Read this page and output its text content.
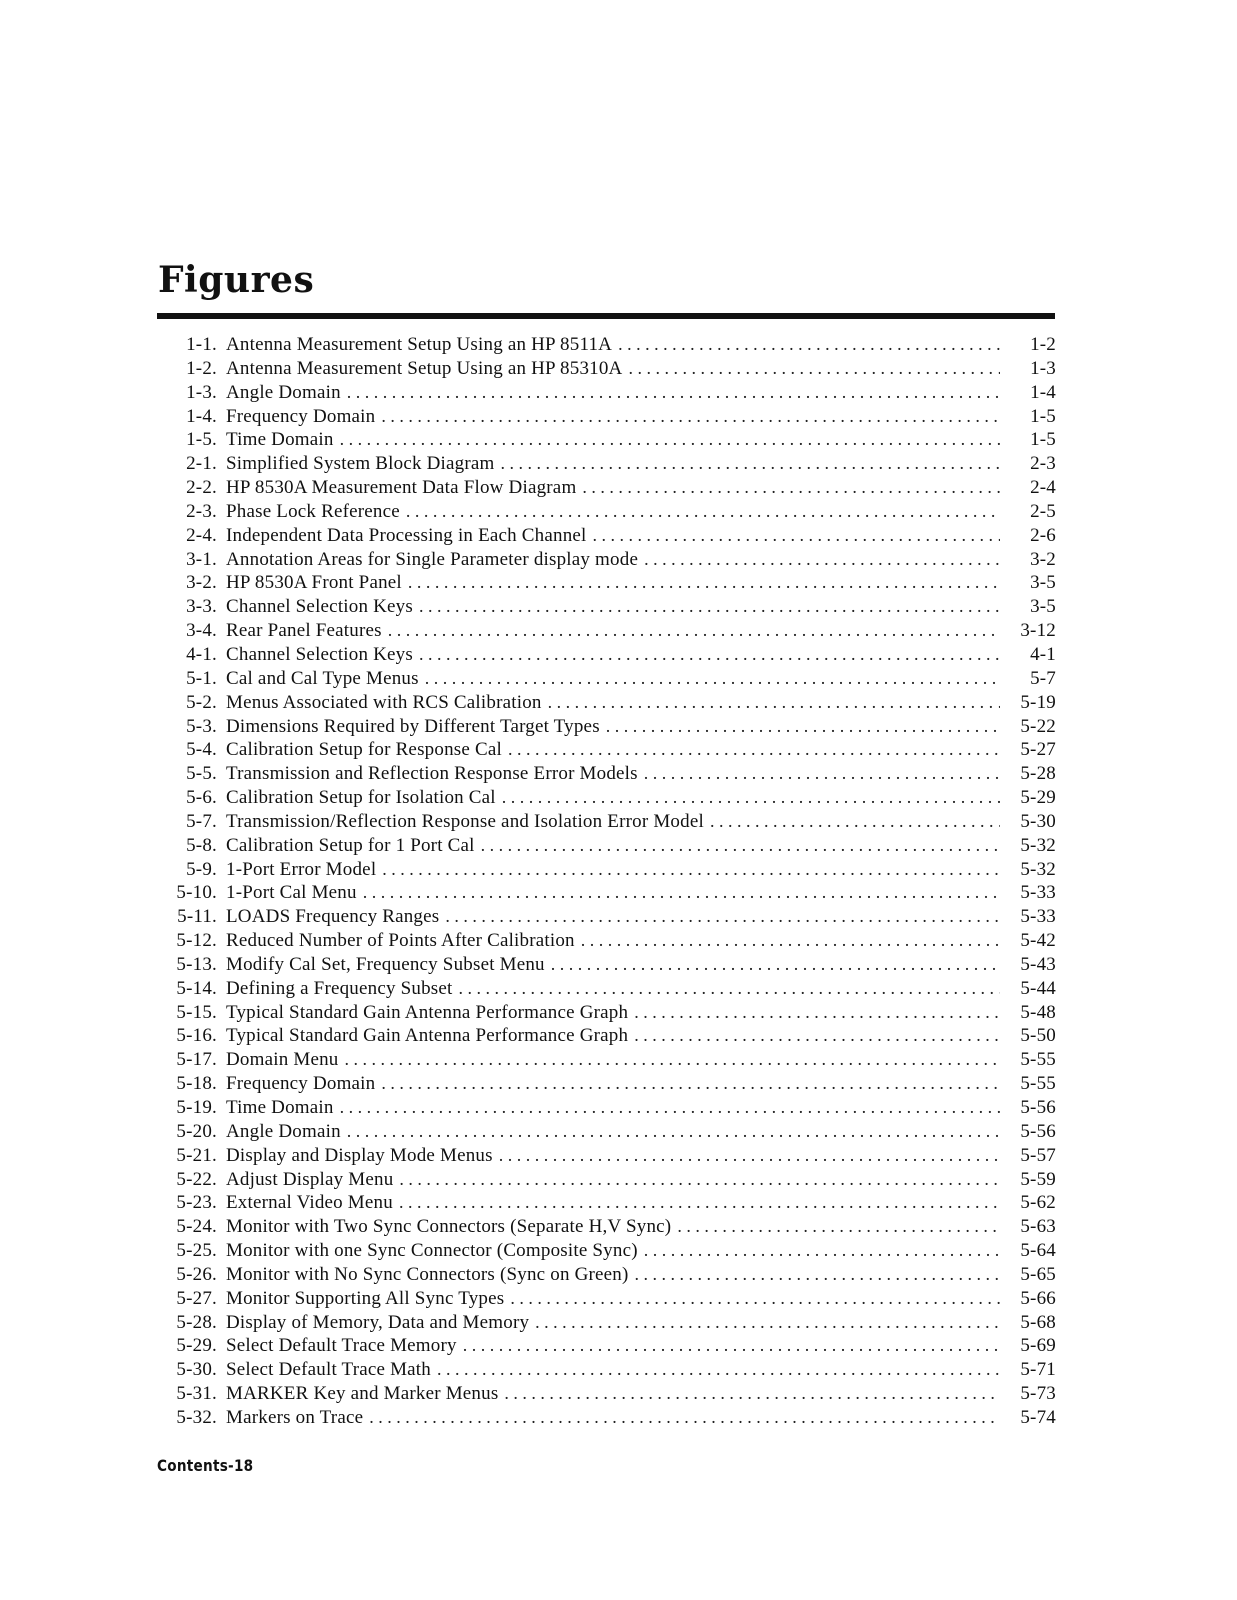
Figures
1-1. Antenna Measurement Setup Using an HP 8511A . . .	1-2
1-2. Antenna Measurement Setup Using an HP 85310A . . .	1-3
1-3. Angle Domain . . .	1-4
1-4. Frequency Domain . . .	1-5
1-5. Time Domain . . .	1-5
2-1. Simplified System Block Diagram . . .	2-3
2-2. HP 8530A Measurement Data Flow Diagram . . .	2-4
2-3. Phase Lock Reference . . .	2-5
2-4. Independent Data Processing in Each Channel . . .	2-6
3-1. Annotation Areas for Single Parameter display mode . . .	3-2
3-2. HP 8530A Front Panel . . .	3-5
3-3. Channel Selection Keys . . .	3-5
3-4. Rear Panel Features . . .	3-12
4-1. Channel Selection Keys . . .	4-1
5-1. Cal and Cal Type Menus . . .	5-7
5-2. Menus Associated with RCS Calibration . . .	5-19
5-3. Dimensions Required by Different Target Types . . .	5-22
5-4. Calibration Setup for Response Cal . . .	5-27
5-5. Transmission and Reflection Response Error Models . . .	5-28
5-6. Calibration Setup for Isolation Cal . . .	5-29
5-7. Transmission/Reflection Response and Isolation Error Model . . .	5-30
5-8. Calibration Setup for 1 Port Cal . . .	5-32
5-9. 1-Port Error Model . . .	5-32
5-10. 1-Port Cal Menu . . .	5-33
5-11. LOADS Frequency Ranges . . .	5-33
5-12. Reduced Number of Points After Calibration . . .	5-42
5-13. Modify Cal Set, Frequency Subset Menu . . .	5-43
5-14. Defining a Frequency Subset . . .	5-44
5-15. Typical Standard Gain Antenna Performance Graph . . .	5-48
5-16. Typical Standard Gain Antenna Performance Graph . . .	5-50
5-17. Domain Menu . . .	5-55
5-18. Frequency Domain . . .	5-55
5-19. Time Domain . . .	5-56
5-20. Angle Domain . . .	5-56
5-21. Display and Display Mode Menus . . .	5-57
5-22. Adjust Display Menu . . .	5-59
5-23. External Video Menu . . .	5-62
5-24. Monitor with Two Sync Connectors (Separate H,V Sync) . . .	5-63
5-25. Monitor with one Sync Connector (Composite Sync) . . .	5-64
5-26. Monitor with No Sync Connectors (Sync on Green) . . .	5-65
5-27. Monitor Supporting All Sync Types . . .	5-66
5-28. Display of Memory, Data and Memory . . .	5-68
5-29. Select Default Trace Memory . . .	5-69
5-30. Select Default Trace Math . . .	5-71
5-31. MARKER Key and Marker Menus . . .	5-73
5-32. Markers on Trace . . .	5-74
Contents-18
